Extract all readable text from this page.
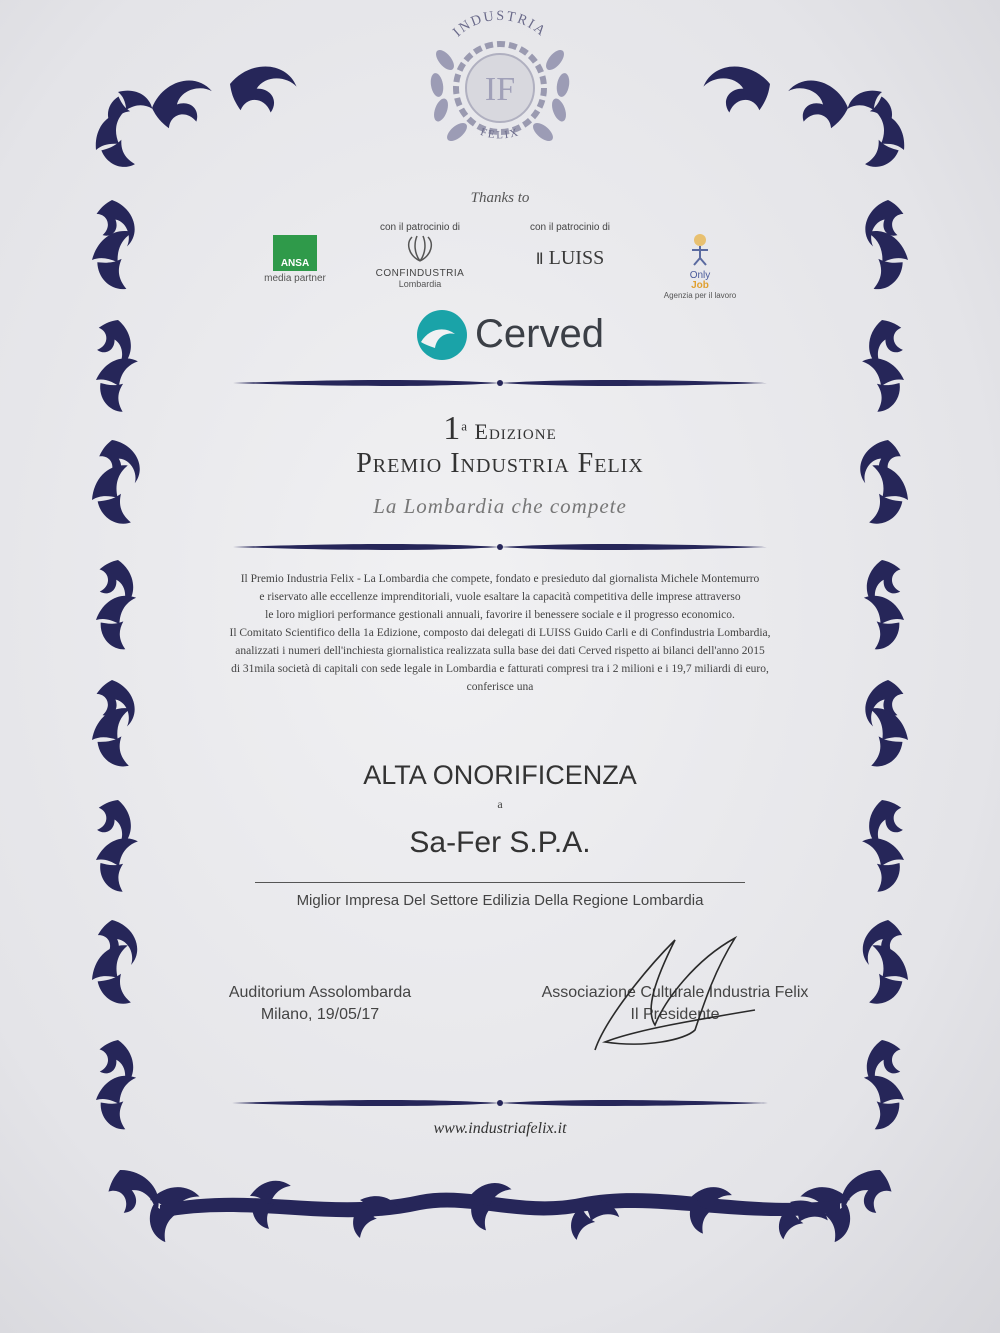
IF
INDUSTRIA
FELIX
Thanks to
ANSA
media partner
con il patrocinio di
CONFINDUSTRIA
Lombardia
con il patrocinio di
Ⅱ LUISS
Only
Job
Agenzia per il lavoro
Cerved
1$^a$ Edizione
Premio Industria Felix
La Lombardia che compete
Il Premio Industria Felix - La Lombardia che compete, fondato e presieduto dal giornalista Michele Montemurro
e riservato alle eccellenze imprenditoriali, vuole esaltare la capacità competitiva delle imprese attraverso
le loro migliori performance gestionali annuali, favorire il benessere sociale e il progresso economico.
Il Comitato Scientifico della 1a Edizione, composto dai delegati di LUISS Guido Carli e di Confindustria Lombardia,
analizzati i numeri dell'inchiesta giornalistica realizzata sulla base dei dati Cerved rispetto ai bilanci dell'anno 2015
di 31mila società di capitali con sede legale in Lombardia e fatturati compresi tra i 2 milioni e i 19,7 miliardi di euro,
conferisce una
ALTA ONORIFICENZA
a
Sa-Fer S.P.A.
Miglior Impresa Del Settore Edilizia Della Regione Lombardia
Auditorium Assolombarda
Milano, 19/05/17
Associazione Culturale Industria Felix
Il Presidente
www.industriafelix.it
